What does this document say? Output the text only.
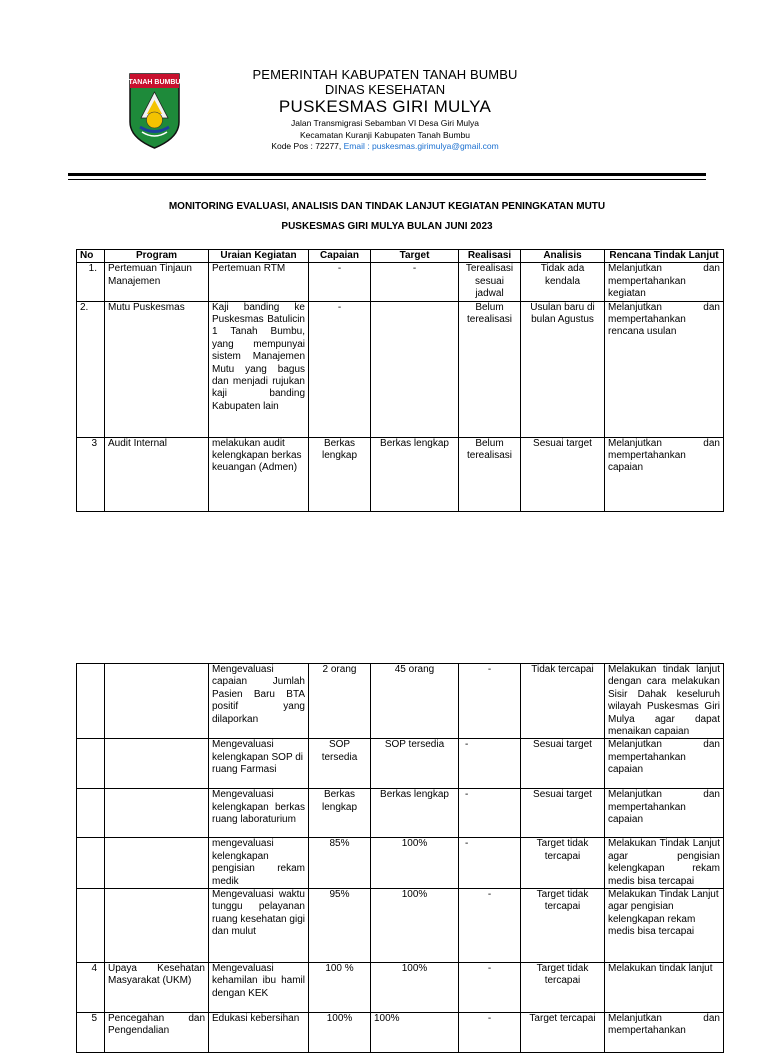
TANAH BUMBU
PEMERINTAH KABUPATEN TANAH BUMBU
DINAS KESEHATAN
PUSKESMAS GIRI MULYA
Jalan Transmigrasi Sebamban VI Desa Giri Mulya
Kecamatan Kuranji Kabupaten Tanah Bumbu
Kode Pos : 72277, Email : puskesmas.girimulya@gmail.com
MONITORING EVALUASI, ANALISIS DAN TINDAK LANJUT KEGIATAN PENINGKATAN MUTU
PUSKESMAS GIRI MULYA BULAN JUNI 2023
No	Program	Uraian Kegiatan	Capaian	Target	Realisasi	Analisis	Rencana Tindak Lanjut
1.	Pertemuan Tinjaun Manajemen	Pertemuan RTM	-	-	Terealisasi sesuai jadwal	Tidak ada kendala	Melanjutkan dan mempertahankan kegiatan
2.	Mutu Puskesmas	Kaji banding ke Puskesmas Batulicin 1 Tanah Bumbu, yang mempunyai sistem Manajemen Mutu yang bagus dan menjadi rujukan kaji banding Kabupaten lain	-		Belum terealisasi	Usulan baru di bulan Agustus	Melanjutkan dan mempertahankan rencana usulan
3	Audit Internal	melakukan audit kelengkapan berkas keuangan (Admen)	Berkas lengkap	Berkas lengkap	Belum terealisasi	Sesuai target	Melanjutkan dan mempertahankan capaian
		Mengevaluasi capaian Jumlah Pasien Baru BTA positif yang dilaporkan	2 orang	45 orang	-	Tidak tercapai	Melakukan tindak lanjut dengan cara melakukan Sisir Dahak keseluruh wilayah Puskesmas Giri Mulya agar dapat menaikan capaian
		Mengevaluasi kelengkapan SOP di ruang Farmasi	SOP tersedia	SOP tersedia	-	Sesuai target	Melanjutkan dan mempertahankan capaian
		Mengevaluasi kelengkapan berkas ruang laboraturium	Berkas lengkap	Berkas lengkap	-	Sesuai target	Melanjutkan dan mempertahankan capaian
		mengevaluasi kelengkapan pengisian rekam medik	85%	100%	-	Target tidak tercapai	Melakukan Tindak Lanjut agar pengisian kelengkapan rekam medis bisa tercapai
		Mengevaluasi waktu tunggu pelayanan ruang kesehatan gigi dan mulut	95%	100%	-	Target tidak tercapai	Melakukan Tindak Lanjut agar pengisian kelengkapan rekam medis bisa tercapai
4	Upaya Kesehatan Masyarakat (UKM)	Mengevaluasi kehamilan ibu hamil dengan KEK	100 %	100%	-	Target tidak tercapai	Melakukan tindak lanjut
5	Pencegahan dan Pengendalian	Edukasi kebersihan	100%	100%	-	Target tercapai	Melanjutkan dan mempertahankan
